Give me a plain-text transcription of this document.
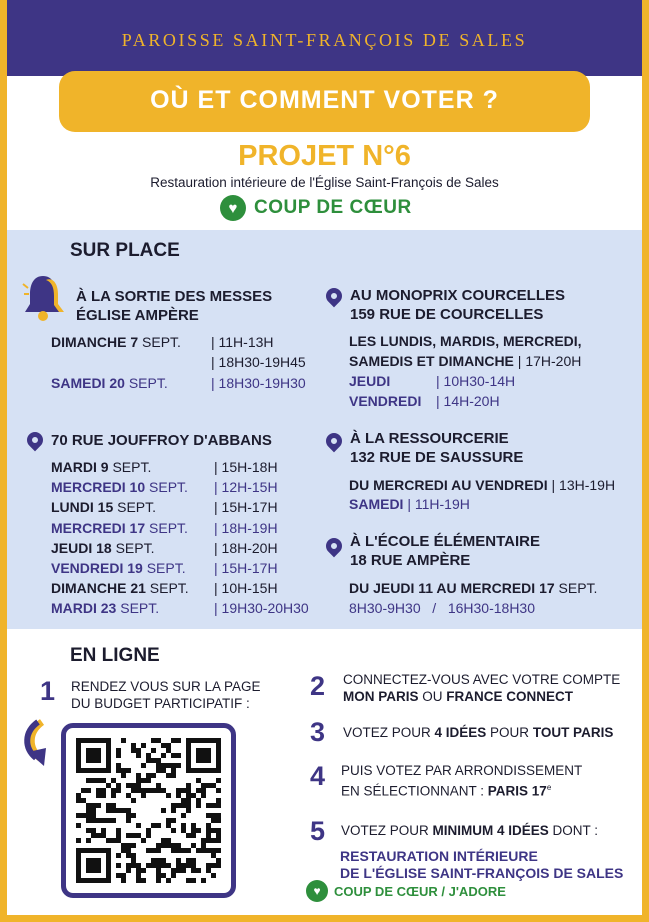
PAROISSE SAINT-FRANÇOIS DE SALES
OÙ ET COMMENT VOTER ?
PROJET N°6
Restauration intérieure de l'Église Saint-François de Sales
♥ COUP DE CŒUR
SUR PLACE
À LA SORTIE DES MESSES
ÉGLISE AMPÈRE
DIMANCHE 7 SEPT. | 11H-13H
| 18H30-19H45
SAMEDI 20 SEPT.	| 18H30-19H30
70 RUE JOUFFROY D'ABBANS
MARDI 9 SEPT.	| 15H-18H
MERCREDI 10 SEPT. | 12H-15H
LUNDI 15 SEPT.	| 15H-17H
MERCREDI 17 SEPT. | 18H-19H
JEUDI 18 SEPT.	| 18H-20H
VENDREDI 19 SEPT. | 15H-17H
DIMANCHE 21 SEPT. | 10H-15H
MARDI 23 SEPT.	| 19H30-20H30
AU MONOPRIX COURCELLES
159 RUE DE COURCELLES
LES LUNDIS, MARDIS, MERCREDI,
SAMEDIS ET DIMANCHE | 17H-20H
JEUDI	| 10H30-14H
VENDREDI | 14H-20H
À LA RESSOURCERIE
132 RUE DE SAUSSURE
DU MERCREDI AU VENDREDI | 13H-19H
SAMEDI | 11H-19H
À L'ÉCOLE ÉLÉMENTAIRE
18 RUE AMPÈRE
DU JEUDI 11 AU MERCREDI 17 SEPT.
8H30-9H30   /   16H30-18H30
EN LIGNE
1 RENDEZ VOUS SUR LA PAGE
DU BUDGET PARTICIPATIF :
2 CONNECTEZ-VOUS AVEC VOTRE COMPTE
MON PARIS OU FRANCE CONNECT
3 VOTEZ POUR 4 IDÉES POUR TOUT PARIS
4 PUIS VOTEZ PAR ARRONDISSEMENT
EN SÉLECTIONNANT : PARIS 17e
5 VOTEZ POUR MINIMUM 4 IDÉES DONT :
RESTAURATION INTÉRIEURE
DE L'ÉGLISE SAINT-FRANÇOIS DE SALES
♥	COUP DE CŒUR / J'ADORE
